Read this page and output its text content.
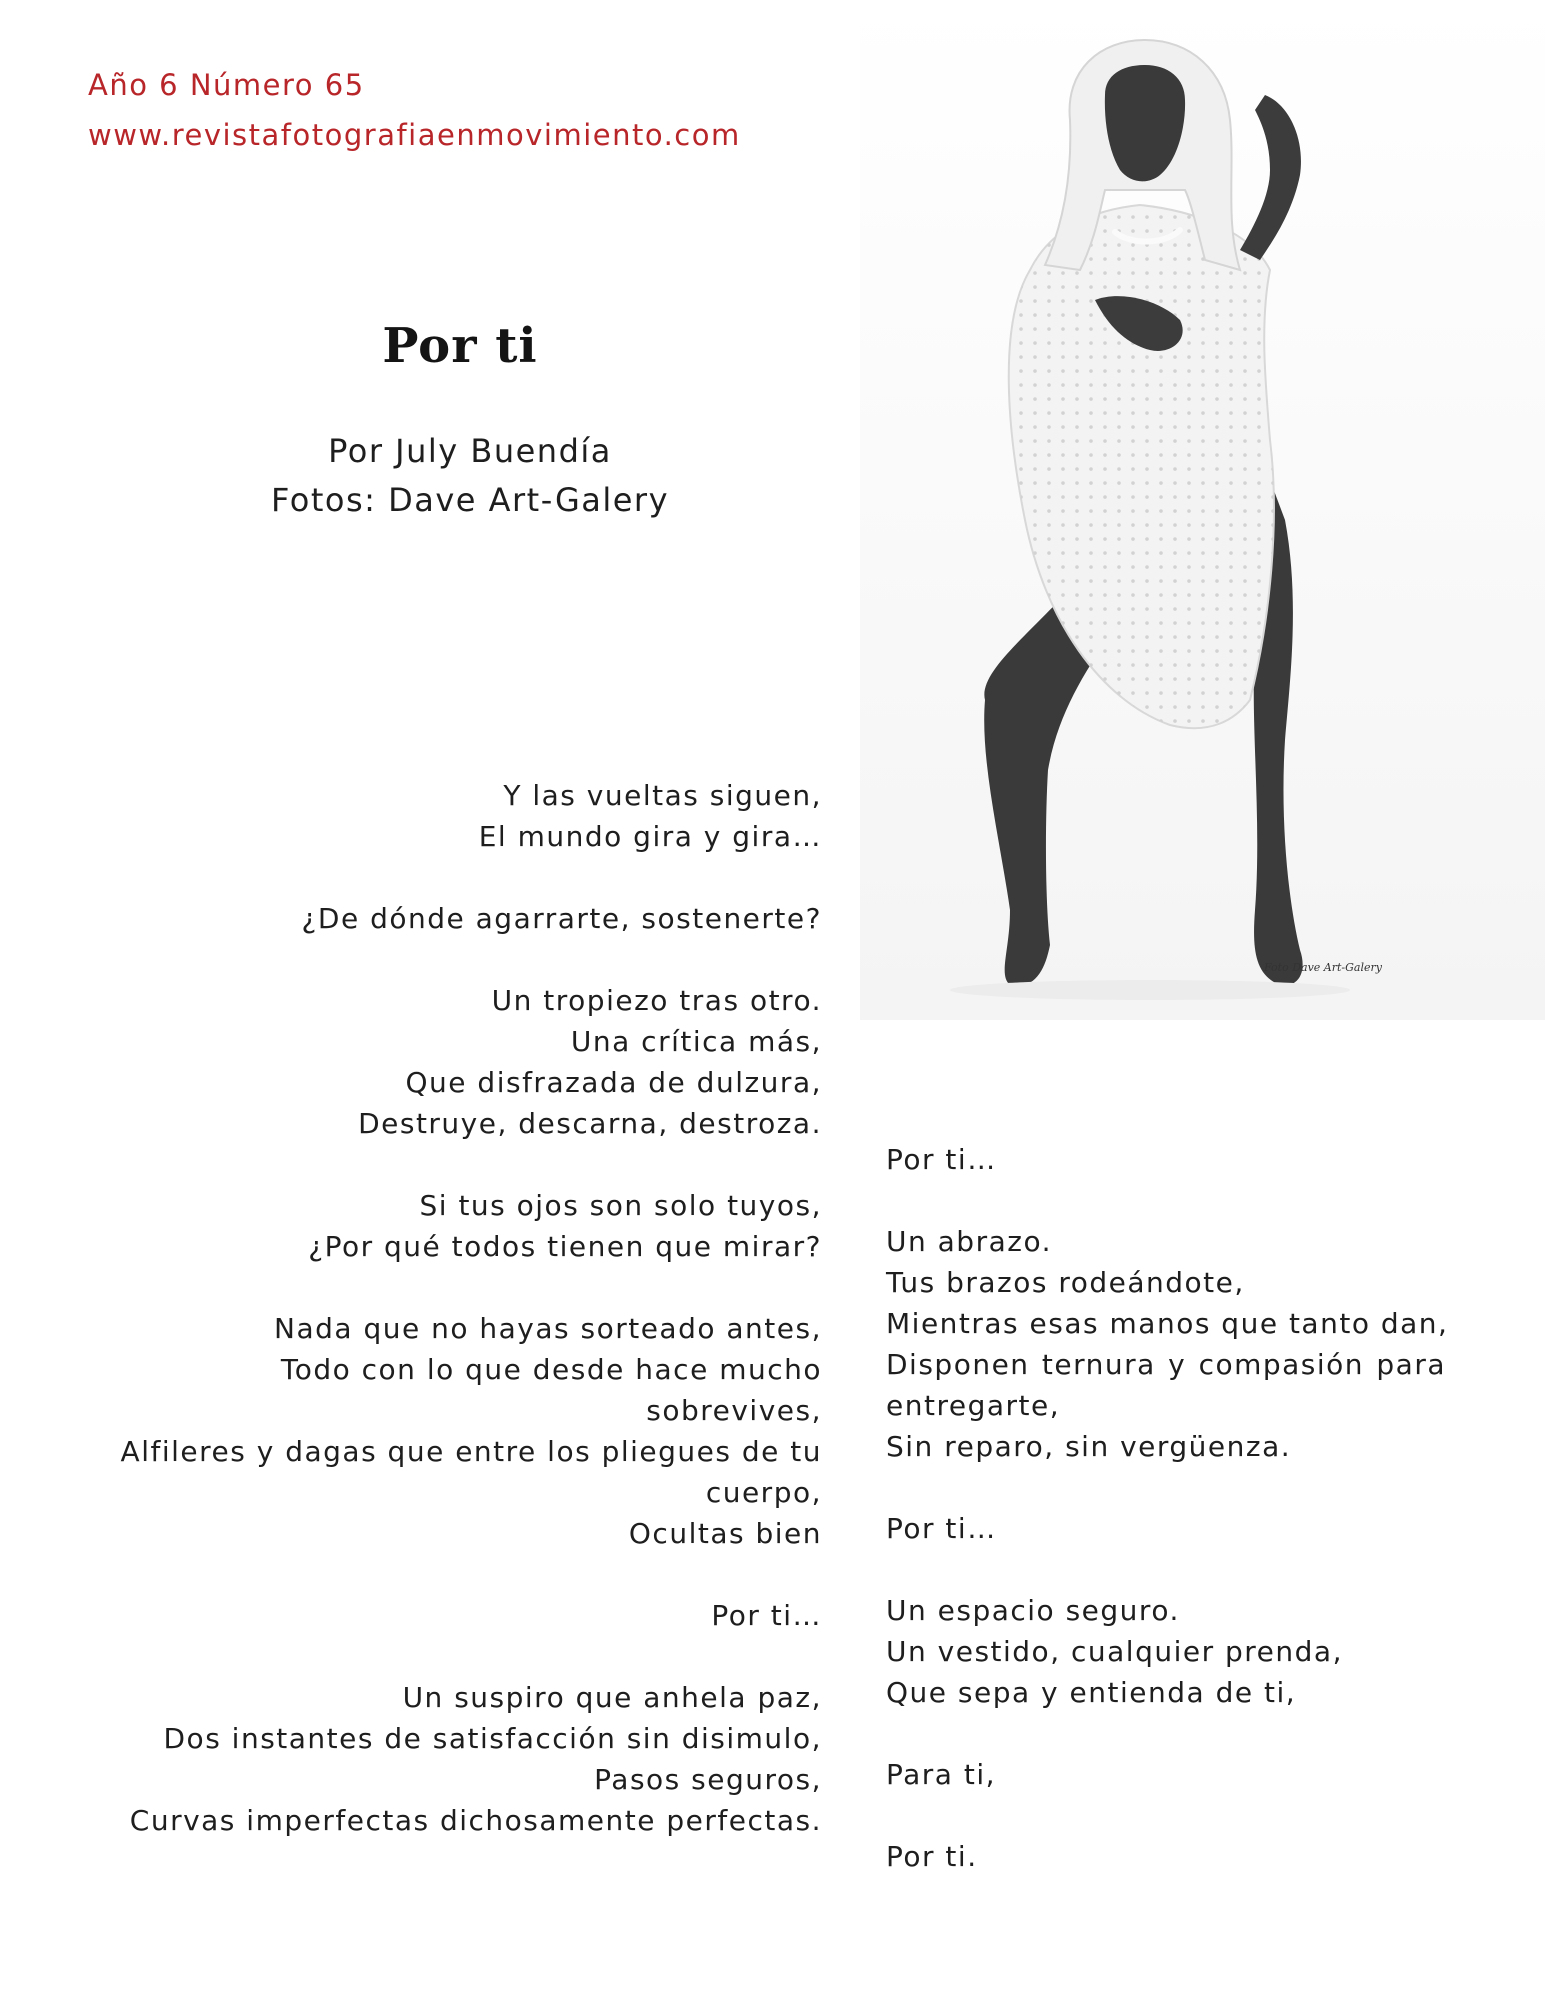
Año 6 Número 65
www.revistafotografiaenmovimiento.com
Por ti
Por July Buendía
Fotos: Dave Art-Galery
Foto Dave Art-Galery
Y las vueltas siguen,
El mundo gira y gira…
¿De dónde agarrarte, sostenerte?
Un tropiezo tras otro.
Una crítica más,
Que disfrazada de dulzura,
Destruye, descarna, destroza.
Si tus ojos son solo tuyos,
¿Por qué todos tienen que mirar?
Nada que no hayas sorteado antes,
Todo con lo que desde hace mucho
sobrevives,
Alfileres y dagas que entre los pliegues de tu
cuerpo,
Ocultas bien
Por ti…
Un suspiro que anhela paz,
Dos instantes de satisfacción sin disimulo,
Pasos seguros,
Curvas imperfectas dichosamente perfectas.
Por ti…
Un abrazo.
Tus brazos rodeándote,
Mientras esas manos que tanto dan,
Disponen ternura y compasión para
entregarte,
Sin reparo, sin vergüenza.
Por ti…
Un espacio seguro.
Un vestido, cualquier prenda,
Que sepa y entienda de ti,
Para ti,
Por ti.
